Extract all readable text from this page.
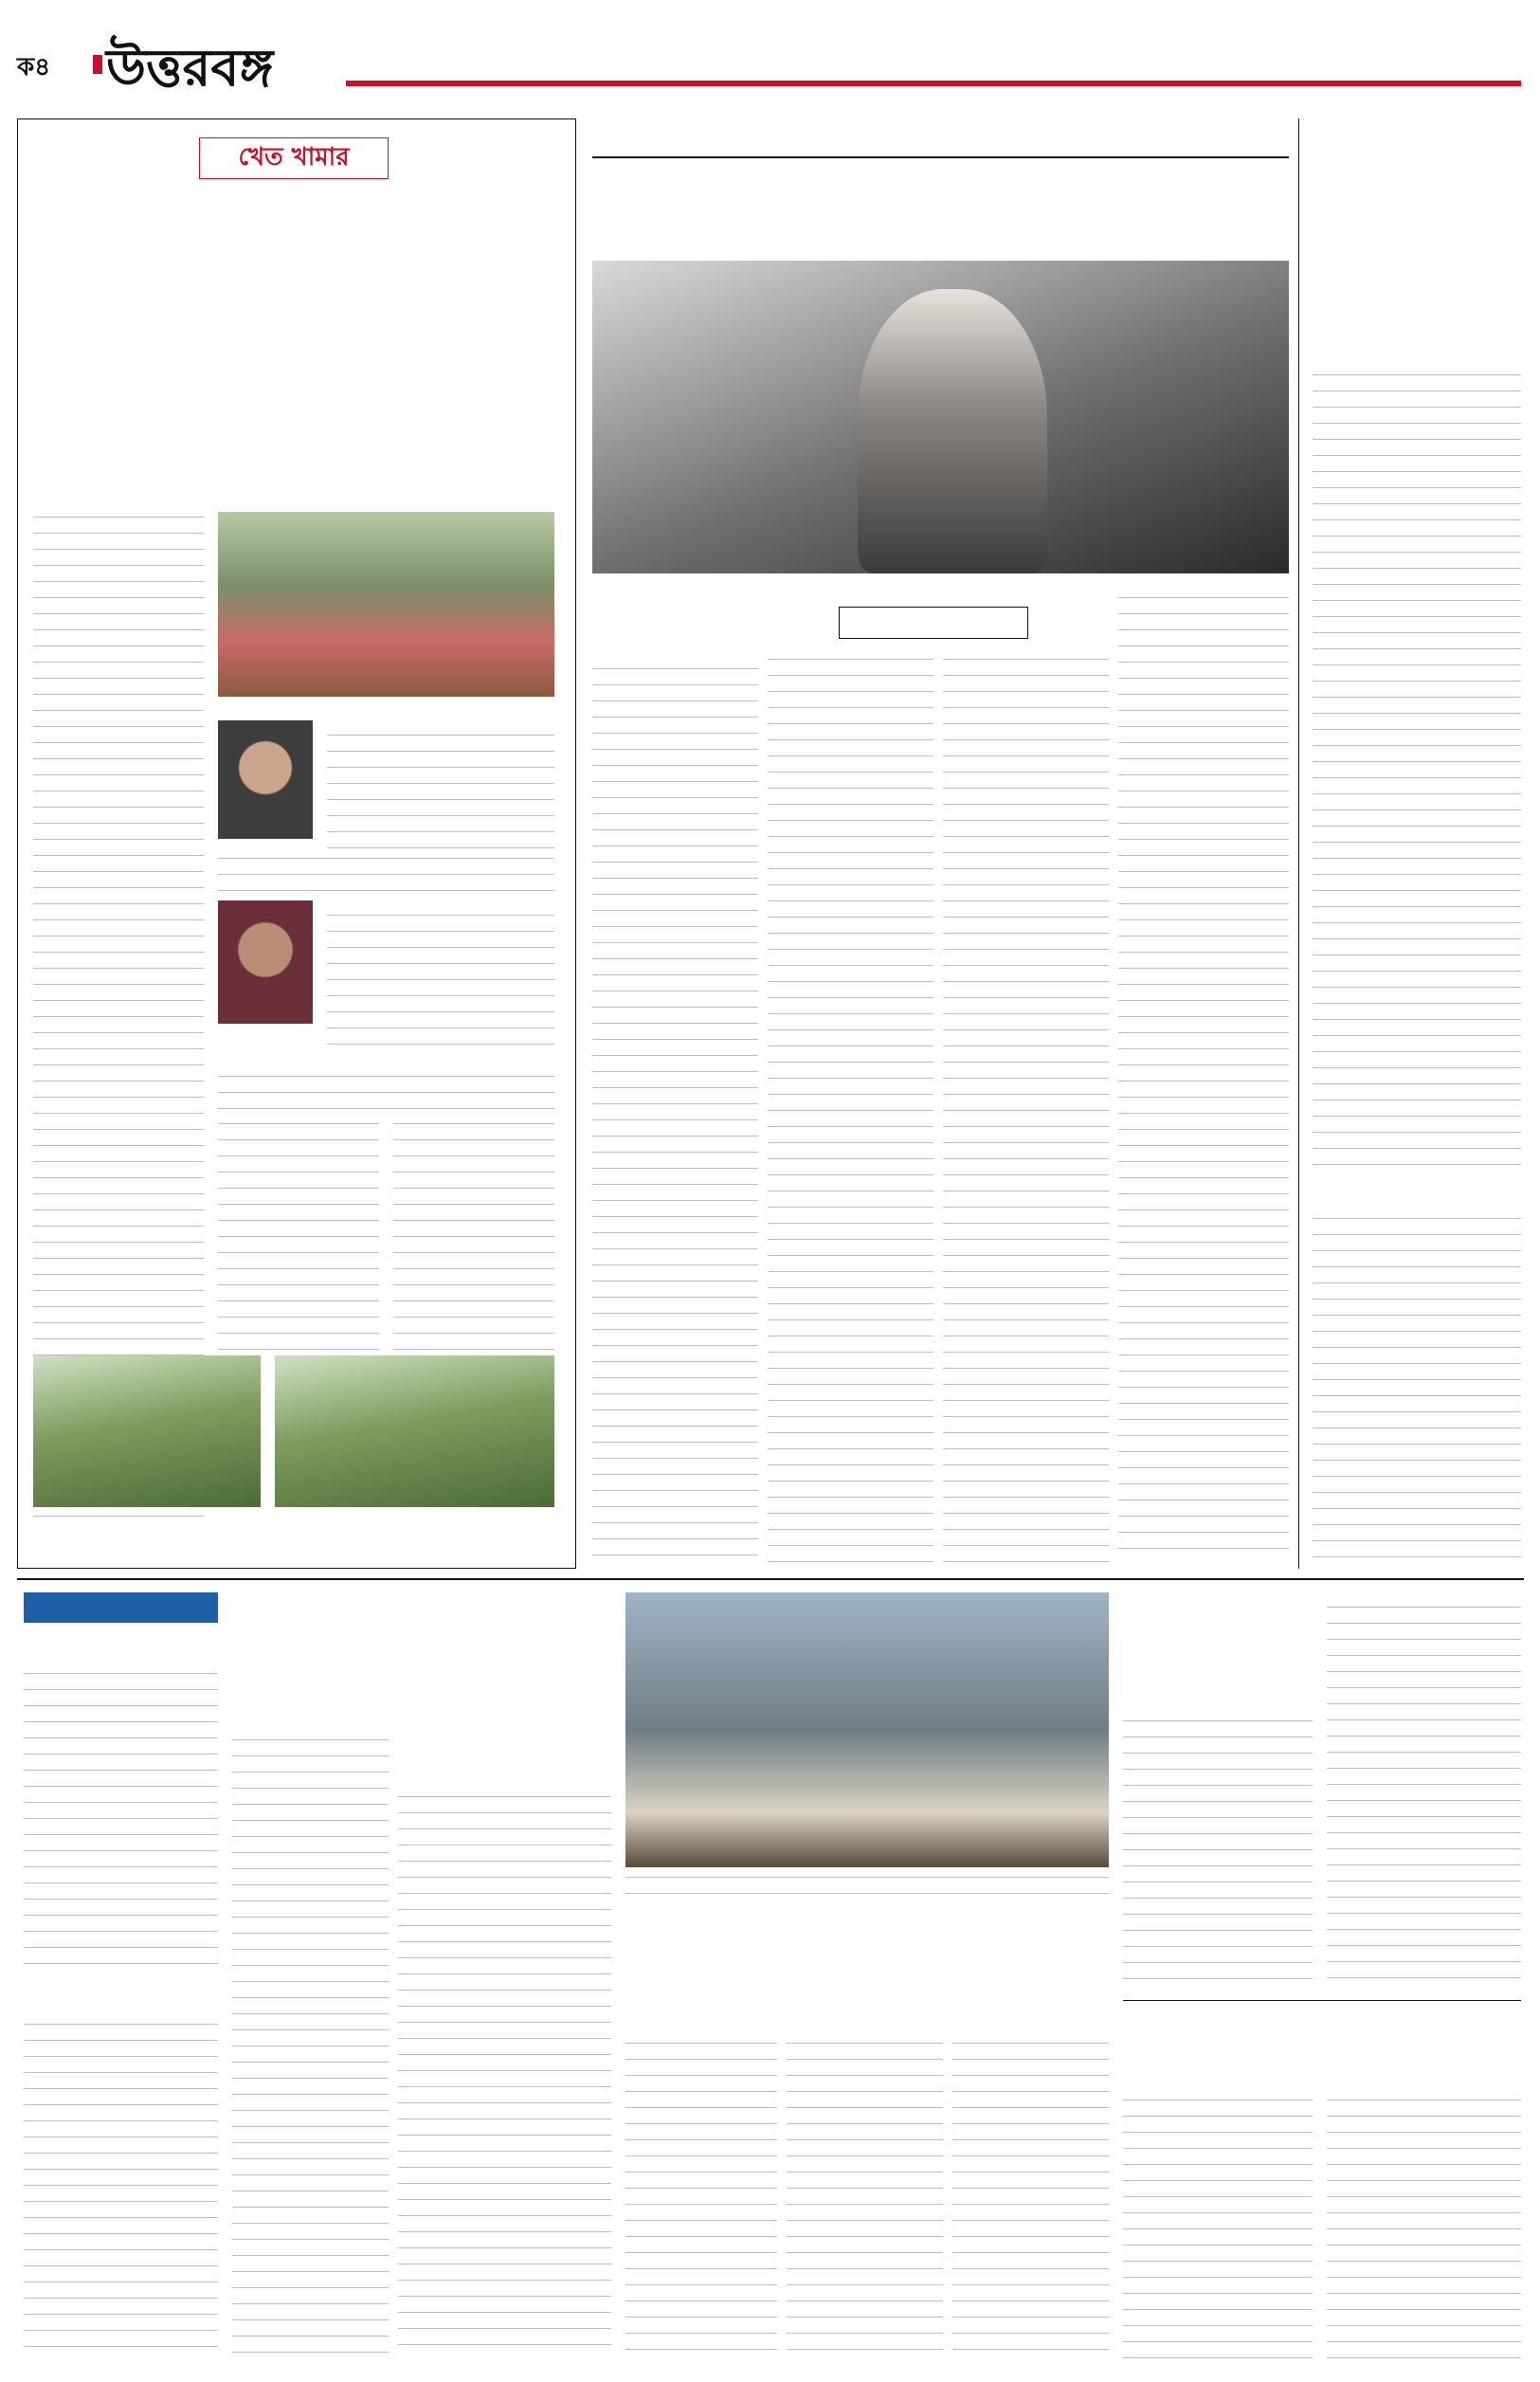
ক৪ উত্তরবঙ্গ
খেত খামার
